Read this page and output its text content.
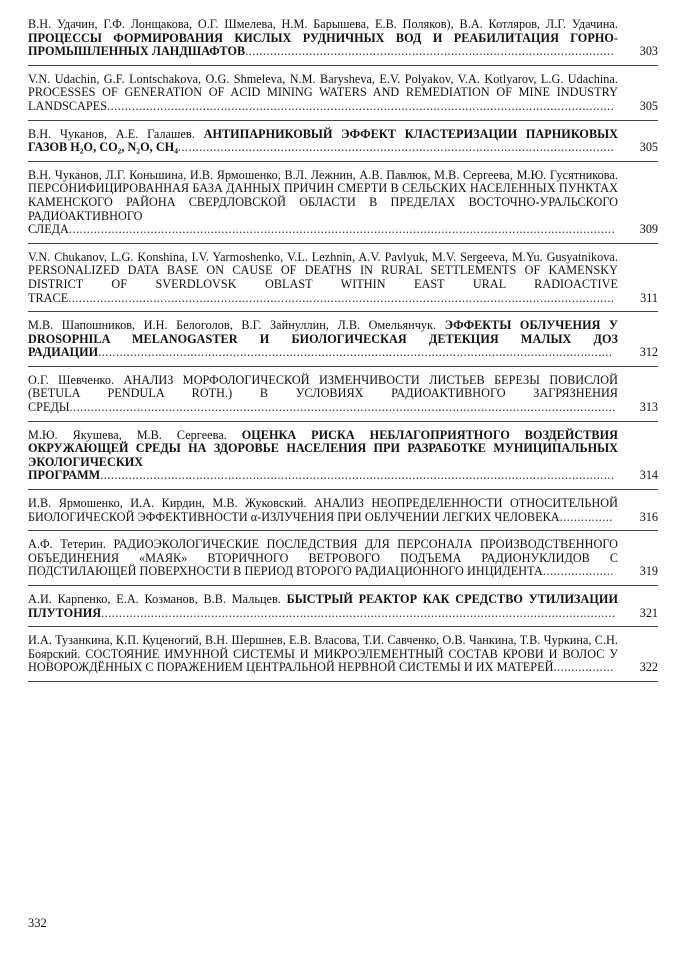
В.Н. Удачин, Г.Ф. Лонщакова, О.Г. Шмелева, Н.М. Барышева, Е.В. Поляков), В.А. Котляров, Л.Г. Удачина. ПРОЦЕССЫ ФОРМИРОВАНИЯ КИСЛЫХ РУДНИЧНЫХ ВОД И РЕАБИЛИТАЦИЯ ГОРНО-ПРОМЫШЛЕННЫХ ЛАНДШАФТОВ........................................................................................................	303
V.N. Udachin, G.F. Lontschakova, O.G. Shmeleva, N.M. Barysheva, E.V. Polyakov, V.A. Kotlyarov, L.G. Udachina. PROCESSES OF GENERATION OF ACID MINING WATERS AND REMEDIATION OF MINE INDUSTRY LANDSCAPES...............................................................................................................................................	305
В.Н. Чуканов, А.Е. Галашев. АНТИПАРНИКОВЫЙ ЭФФЕКТ КЛАСТЕРИЗАЦИИ ПАРНИКОВЫХ ГАЗОВ H₂O, CO₂, N₂O, CH₄...........................................................................................................................	305
В.Н. Чуканов, Л.Г. Коньшина, И.В. Ярмошенко, В.Л. Лежнин, А.В. Павлюк, М.В. Сергеева, М.Ю. Гусятникова. ПЕРСОНИФИЦИРОВАННАЯ БАЗА ДАННЫХ ПРИЧИН СМЕРТИ В СЕЛЬСКИХ НАСЕЛЕННЫХ ПУНКТАХ КАМЕНСКОГО РАЙОНА СВЕРДЛОВСКОЙ ОБЛАСТИ В ПРЕДЕЛАХ ВОСТОЧНО-УРАЛЬСКОГО РАДИОАКТИВНОГО СЛЕДА.......................................................................................................................................................... 309
V.N. Chukanov, L.G. Konshina, I.V. Yarmoshenko, V.L. Lezhnin, A.V. Pavlyuk, M.V. Sergeeva, M.Yu. Gusyatnikova. PERSONALIZED DATA BASE ON CAUSE OF DEATHS IN RURAL SETTLEMENTS OF KAMENSKY DISTRICT OF SVERDLOVSK OBLAST WITHIN EAST URAL RADIOACTIVE TRACE.......................................................................................................................................................... 311
М.В. Шапошников, И.Н. Белоголов, В.Г. Зайнуллин, Л.В. Омельянчук. ЭФФЕКТЫ ОБЛУЧЕНИЯ У DROSOPHILA MELANOGASTER И БИОЛОГИЧЕСКАЯ ДЕТЕКЦИЯ МАЛЫХ ДОЗ РАДИАЦИИ.................................................................................................................................................	312
О.Г. Шевченко. АНАЛИЗ МОРФОЛОГИЧЕСКОЙ ИЗМЕНЧИВОСТИ ЛИСТЬЕВ БЕРЕЗЫ ПОВИСЛОЙ (BETULA PENDULA ROTH.) В УСЛОВИЯХ РАДИОАКТИВНОГО ЗАГРЯЗНЕНИЯ СРЕДЫ.......................................................................................................................................................... 313
М.Ю. Якушева, М.В. Сергеева. ОЦЕНКА РИСКА НЕБЛАГОПРИЯТНОГО ВОЗДЕЙСТВИЯ ОКРУЖАЮЩЕЙ СРЕДЫ НА ЗДОРОВЬЕ НАСЕЛЕНИЯ ПРИ РАЗРАБОТКЕ МУНИЦИПАЛЬНЫХ ЭКОЛОГИЧЕСКИХ ПРОГРАММ................................................................................................................................................. 314
И.В. Ярмошенко, И.А. Кирдин, М.В. Жуковский. АНАЛИЗ НЕОПРЕДЕЛЕННОСТИ ОТНОСИТЕЛЬНОЙ БИОЛОГИЧЕСКОЙ ЭФФЕКТИВНОСТИ α-ИЗЛУЧЕНИЯ ПРИ ОБЛУЧЕНИИ ЛЕГКИХ ЧЕЛОВЕКА...............	316
А.Ф. Тетерин. РАДИОЭКОЛОГИЧЕСКИЕ ПОСЛЕДСТВИЯ ДЛЯ ПЕРСОНАЛА ПРОИЗВОДСТВЕННОГО ОБЪЕДИНЕНИЯ «МАЯК» ВТОРИЧНОГО ВЕТРОВОГО ПОДЪЕМА РАДИОНУКЛИДОВ С ПОДСТИЛАЮЩЕЙ ПОВЕРХНОСТИ В ПЕРИОД ВТОРОГО РАДИАЦИОННОГО ИНЦИДЕНТА....................	319
А.И. Карпенко, Е.А. Козманов, В.В. Мальцев. БЫСТРЫЙ РЕАКТОР КАК СРЕДСТВО УТИЛИЗАЦИИ ПЛУТОНИЯ................................................................................................................................................. 321
И.А. Тузанкина, К.П. Куценогий, В.Н. Шершнев, Е.В. Власова, Т.И. Савченко, О.В. Чанкина, Т.В. Чуркина, С.Н. Боярский. СОСТОЯНИЕ ИМУННОЙ СИСТЕМЫ И МИКРОЭЛЕМЕНТНЫЙ СОСТАВ КРОВИ И ВОЛОС У НОВОРОЖДЁННЫХ С ПОРАЖЕНИЕМ ЦЕНТРАЛЬНОЙ НЕРВНОЙ СИСТЕМЫ И ИХ МАТЕРЕЙ.................	322
332
